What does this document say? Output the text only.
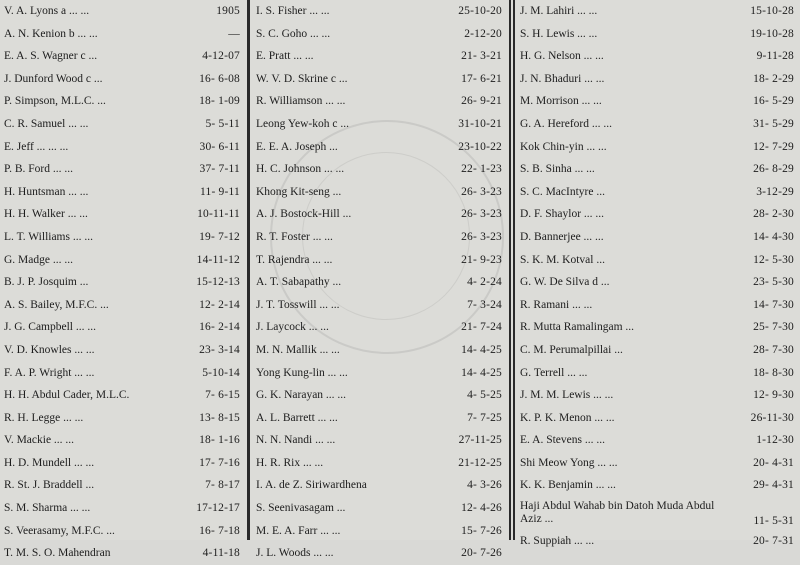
V. A. Lyons a ... ...	1905
A. N. Kenion b ... ...	—
E. A. S. Wagner c ...	4-12-07
J. Dunford Wood c ...	16- 6-08
P. Simpson, M.L.C. ...	18- 1-09
C. R. Samuel ... ...	5- 5-11
E. Jeff ... ... ...	30- 6-11
P. B. Ford ... ...	37- 7-11
H. Huntsman ... ...	11- 9-11
H. H. Walker ... ...	10-11-11
L. T. Williams ... ...	19- 7-12
G. Madge ... ...	14-11-12
B. J. P. Josquim ...	15-12-13
A. S. Bailey, M.F.C. ...	12- 2-14
J. G. Campbell ... ...	16- 2-14
V. D. Knowles ... ...	23- 3-14
F. A. P. Wright ... ...	5-10-14
H. H. Abdul Cader, M.L.C.	7- 6-15
R. H. Legge ... ...	13- 8-15
V. Mackie ... ...	18- 1-16
H. D. Mundell ... ...	17- 7-16
R. St. J. Braddell ...	7- 8-17
S. M. Sharma ... ...	17-12-17
S. Veerasamy, M.F.C. ...	16- 7-18
T. M. S. O. Mahendran	4-11-18
I. S. Fisher ... ...	25-10-20
S. C. Goho ... ...	2-12-20
E. Pratt ... ...	21- 3-21
W. V. D. Skrine c ...	17- 6-21
R. Williamson ... ...	26- 9-21
Leong Yew-koh c ...	31-10-21
E. E. A. Joseph ...	23-10-22
H. C. Johnson ... ...	22- 1-23
Khong Kit-seng ...	26- 3-23
A. J. Bostock-Hill ...	26- 3-23
R. T. Foster ... ...	26- 3-23
T. Rajendra ... ...	21- 9-23
A. T. Sabapathy ...	4- 2-24
J. T. Tosswill ... ...	7- 3-24
J. Laycock ... ...	21- 7-24
M. N. Mallik ... ...	14- 4-25
Yong Kung-lin ... ...	14- 4-25
G. K. Narayan ... ...	4- 5-25
A. L. Barrett ... ...	7- 7-25
N. N. Nandi ... ...	27-11-25
H. R. Rix ... ...	21-12-25
I. A. de Z. Siriwardhena	4- 3-26
S. Seenivasagam ...	12- 4-26
M. E. A. Farr ... ...	15- 7-26
J. L. Woods ... ...	20- 7-26
J. M. Lahiri ... ...	15-10-28
S. H. Lewis ... ...	19-10-28
H. G. Nelson ... ...	9-11-28
J. N. Bhaduri ... ...	18- 2-29
M. Morrison ... ...	16- 5-29
G. A. Hereford ... ...	31- 5-29
Kok Chin-yin ... ...	12- 7-29
S. B. Sinha ... ...	26- 8-29
S. C. MacIntyre ...	3-12-29
D. F. Shaylor ... ...	28- 2-30
D. Bannerjee ... ...	14- 4-30
S. K. M. Kotval ...	12- 5-30
G. W. De Silva d ...	23- 5-30
R. Ramani ... ...	14- 7-30
R. Mutta Ramalingam ...	25- 7-30
C. M. Perumalpillai ...	28- 7-30
G. Terrell ... ...	18- 8-30
J. M. M. Lewis ... ...	12- 9-30
K. P. K. Menon ... ...	26-11-30
E. A. Stevens ... ...	1-12-30
Shi Meow Yong ... ...	20- 4-31
K. K. Benjamin ... ...	29- 4-31
Haji Abdul Wahab bin Datoh Muda Abdul Aziz ...	11- 5-31
R. Suppiah ... ...	20- 7-31
